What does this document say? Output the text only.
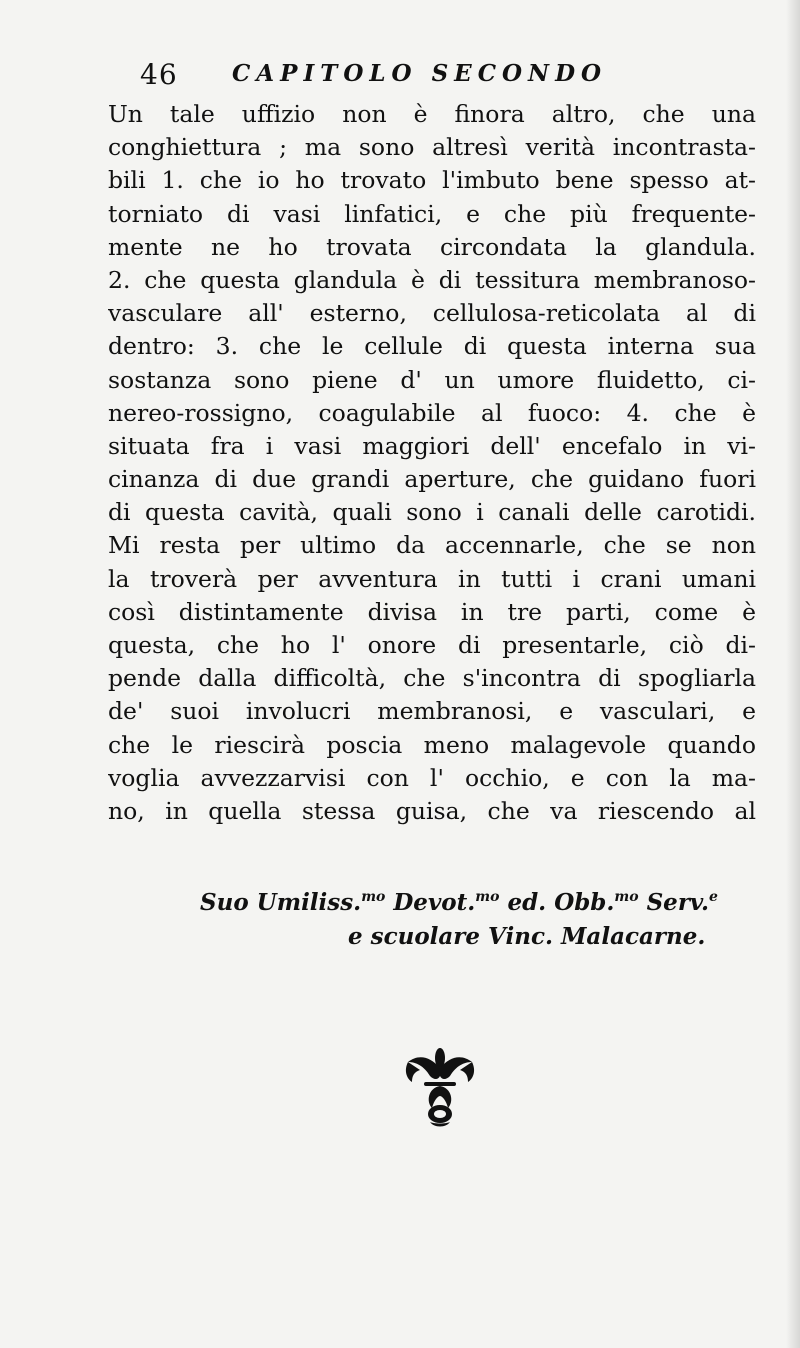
46 CAPITOLO SECONDO
Un tale uffizio non è finora altro, che una
conghiettura ; ma sono altresì verità incontrasta-
bili 1. che io ho trovato l'imbuto bene spesso at-
torniato di vasi linfatici, e che più frequente-
mente ne ho trovata circondata la glandula.
2. che questa glandula è di tessitura membranoso-
vasculare all' esterno, cellulosa-reticolata al di
dentro: 3. che le cellule di questa interna sua
sostanza sono piene d' un umore fluidetto, ci-
nereo-rossigno, coagulabile al fuoco: 4. che è
situata fra i vasi maggiori dell' encefalo in vi-
cinanza di due grandi aperture, che guidano fuori
di questa cavità, quali sono i canali delle carotidi.
Mi resta per ultimo da accennarle, che se non
la troverà per avventura in tutti i crani umani
così distintamente divisa in tre parti, come è
questa, che ho l' onore di presentarle, ciò di-
pende dalla difficoltà, che s'incontra di spogliarla
de' suoi involucri membranosi, e vasculari, e
che le riescirà poscia meno malagevole quando
voglia avvezzarvisi con l' occhio, e con la ma-
no, in quella stessa guisa, che va riescendo al
Suo Umiliss.$^{mo}$ Devot.$^{mo}$ ed. Obb.$^{mo}$ Serv.$^e$
e scuolare Vinc. Malacarne.
